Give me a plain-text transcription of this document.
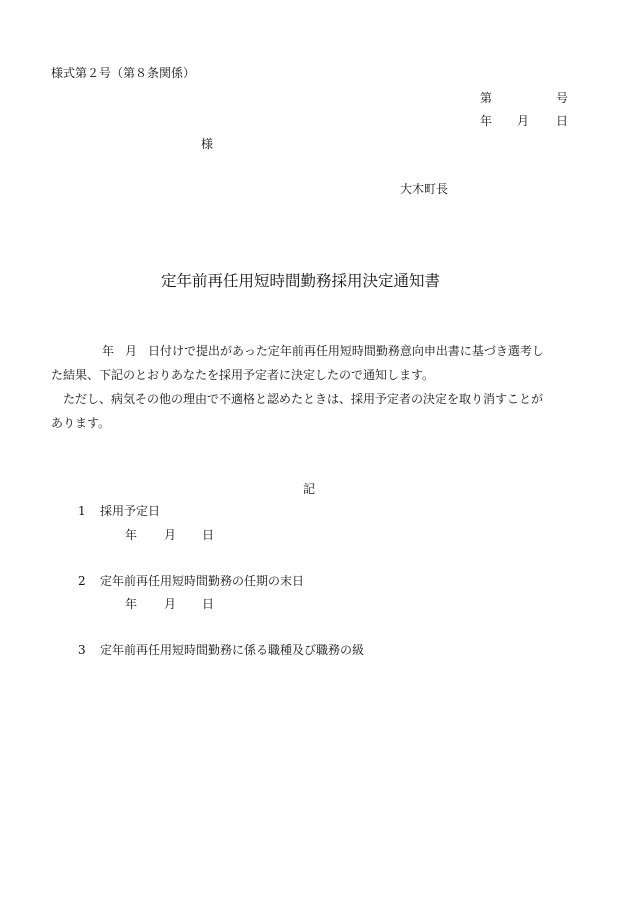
様式第２号（第８条関係）
第	号
年 月 日
様
大木町長
定年前再任用短時間勤務採用決定通知書
年 月 日付けで提出があった定年前再任用短時間勤務意向申出書に基づき選考し
た結果、下記のとおりあなたを採用予定者に決定したので通知します。
ただし、病気その他の理由で不適格と認めたときは、採用予定者の決定を取り消すことが
あります。
記
1 採用予定日
年 月 日
2 定年前再任用短時間勤務の任期の末日
年 月 日
3 定年前再任用短時間勤務に係る職種及び職務の級
